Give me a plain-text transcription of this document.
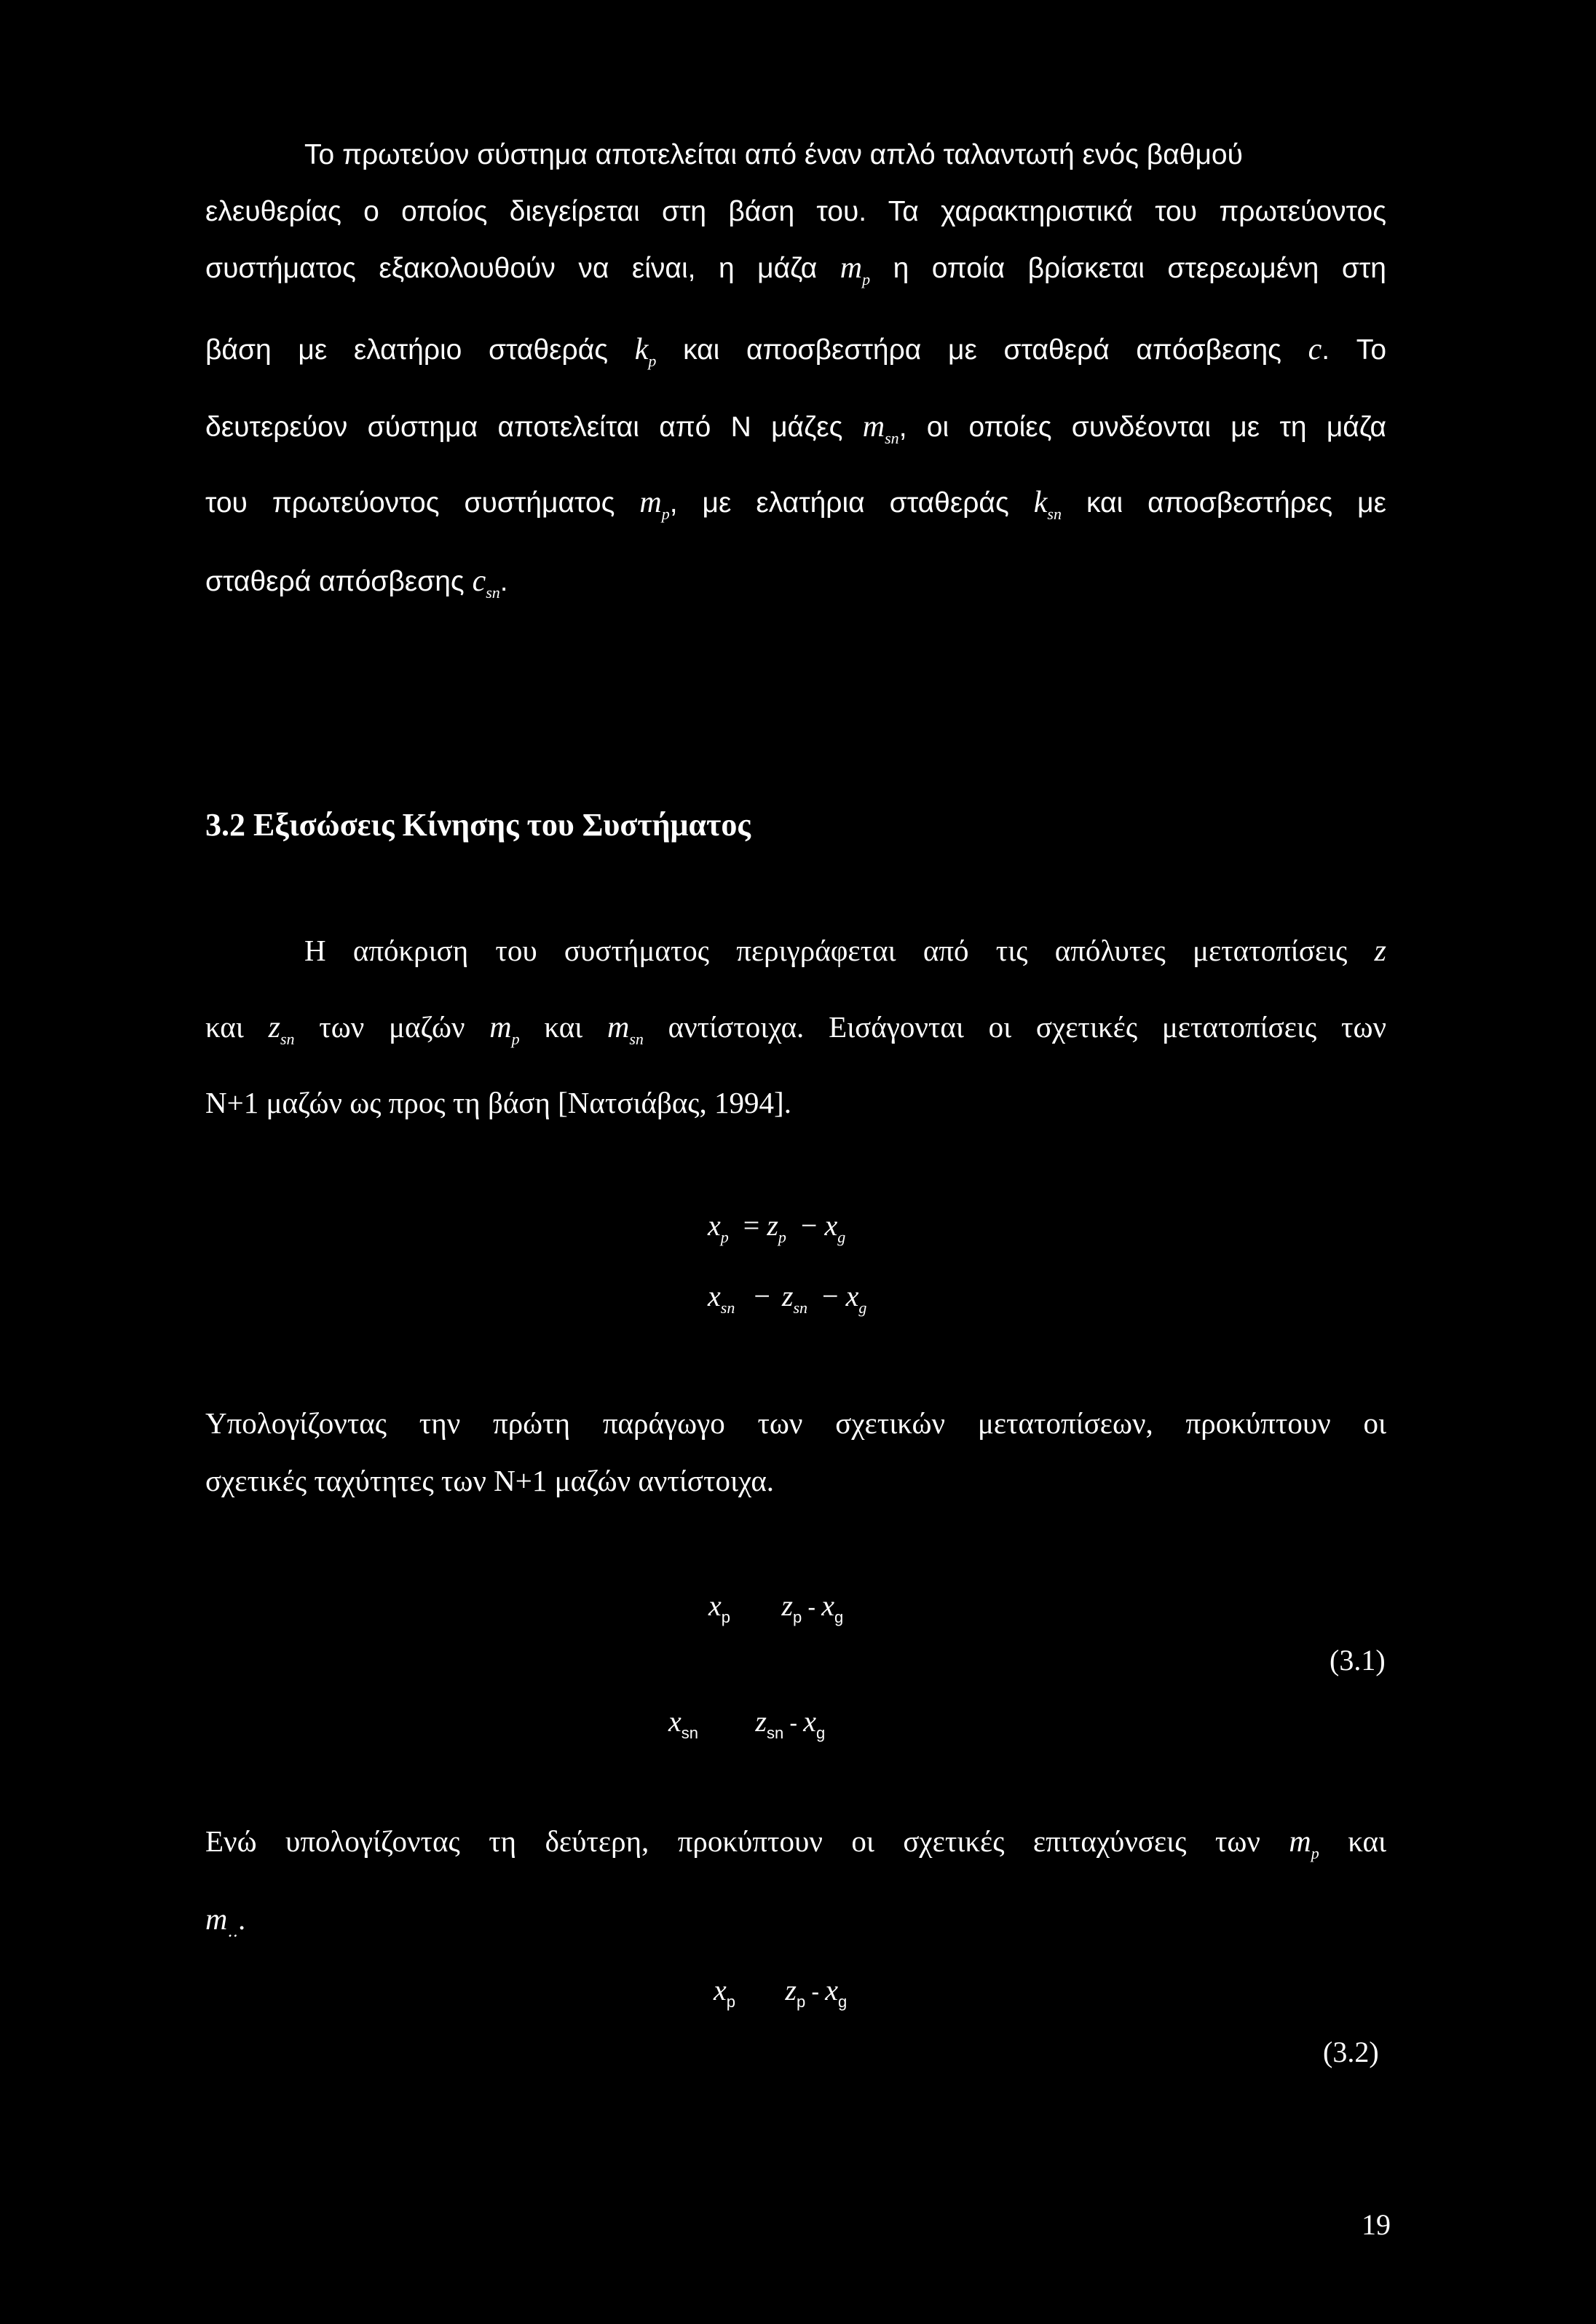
Το πρωτεύον σύστημα αποτελείται από έναν απλό ταλαντωτή ενός βαθμού
ελευθερίας ο οποίος διεγείρεται στη βάση του. Τα χαρακτηριστικά του πρωτεύοντος
συστήματος εξακολουθούν να είναι, η μάζα $m_p$ η οποία βρίσκεται στερεωμένη στη
βάση με ελατήριο σταθεράς $k_p$ και αποσβεστήρα με σταθερά απόσβεσης c. Το
δευτερεύον σύστημα αποτελείται από Ν μάζες $m_{sn}$, οι οποίες συνδέονται με τη μάζα
του πρωτεύοντος συστήματος $m_p$, με ελατήρια σταθεράς $k_{sn}$ και αποσβεστήρες με
σταθερά απόσβεσης $c_{sn}$.
3.2 Εξισώσεις Κίνησης του Συστήματος
Η απόκριση του συστήματος περιγράφεται από τις απόλυτες μετατοπίσεις z
και $z_{sn}$ των μαζών $m_p$ και $m_{sn}$ αντίστοιχα. Εισάγονται οι σχετικές μετατοπίσεις των
Ν+1 μαζών ως προς τη βάση [Νατσιάβας, 1994].
$x_p = z_p - x_g$
$x_{sn} - z_{sn} - x_g$
Υπολογίζοντας την πρώτη παράγωγο των σχετικών μετατοπίσεων, προκύπτουν οι
σχετικές ταχύτητες των Ν+1 μαζών αντίστοιχα.
$x_p$ $z_p - x_g$
(3.1)
$x_{sn}$ $z_{sn} - x_g$
Ενώ υπολογίζοντας τη δεύτερη, προκύπτουν οι σχετικές επιταχύνσεις των $m_p$ και
$m_‥$.
$x_p$ $z_p - x_g$
(3.2)
19
